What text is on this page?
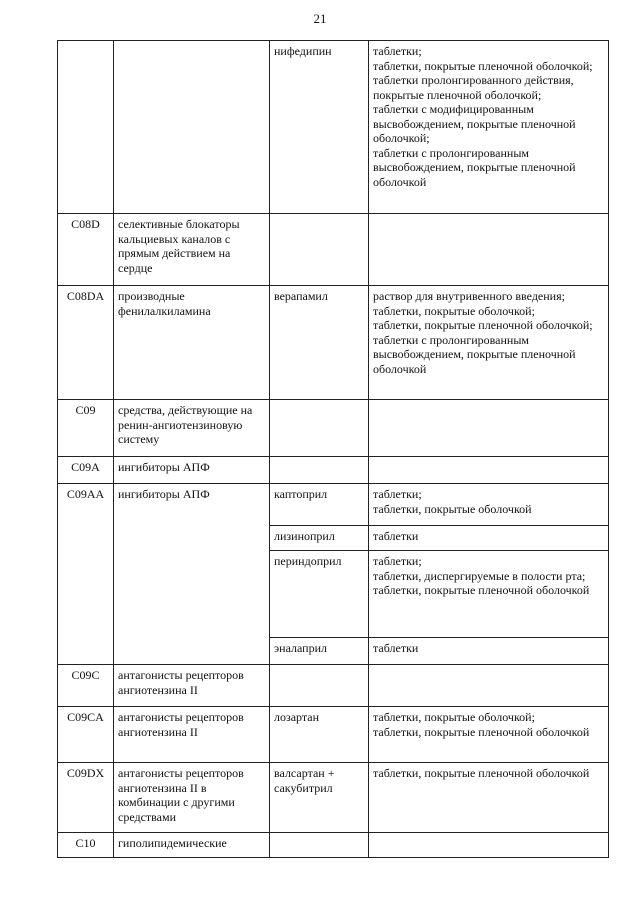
21
		нифедипин	таблетки;
таблетки, покрытые пленочной оболочкой;
таблетки пролонгированного действия, покрытые пленочной оболочкой;
таблетки с модифицированным высвобождением, покрытые пленочной оболочкой;
таблетки с пролонгированным высвобождением, покрытые пленочной оболочкой

C08D	селективные блокаторы кальциевых каналов с прямым действием на сердце		
C08DA	производные фенилалкиламина	верапамил	раствор для внутривенного введения;
таблетки, покрытые оболочкой;
таблетки, покрытые пленочной оболочкой;
таблетки с пролонгированным высвобождением, покрытые пленочной оболочкой

C09	средства, действующие на ренин-ангиотензиновую систему		
C09A	ингибиторы АПФ		
C09AA	ингибиторы АПФ	каптоприл	таблетки;
таблетки, покрытые оболочкой

		лизиноприл	таблетки

		периндоприл	таблетки;
таблетки, диспергируемые в полости рта;
таблетки, покрытые пленочной оболочкой

		эналаприл	таблетки

C09C	антагонисты рецепторов ангиотензина II		
C09CA	антагонисты рецепторов ангиотензина II	лозартан	таблетки, покрытые оболочкой;
таблетки, покрытые пленочной оболочкой

C09DX	антагонисты рецепторов ангиотензина II в комбинации с другими средствами	валсартан + сакубитрил	таблетки, покрытые пленочной оболочкой

C10	гиполипидемические		
